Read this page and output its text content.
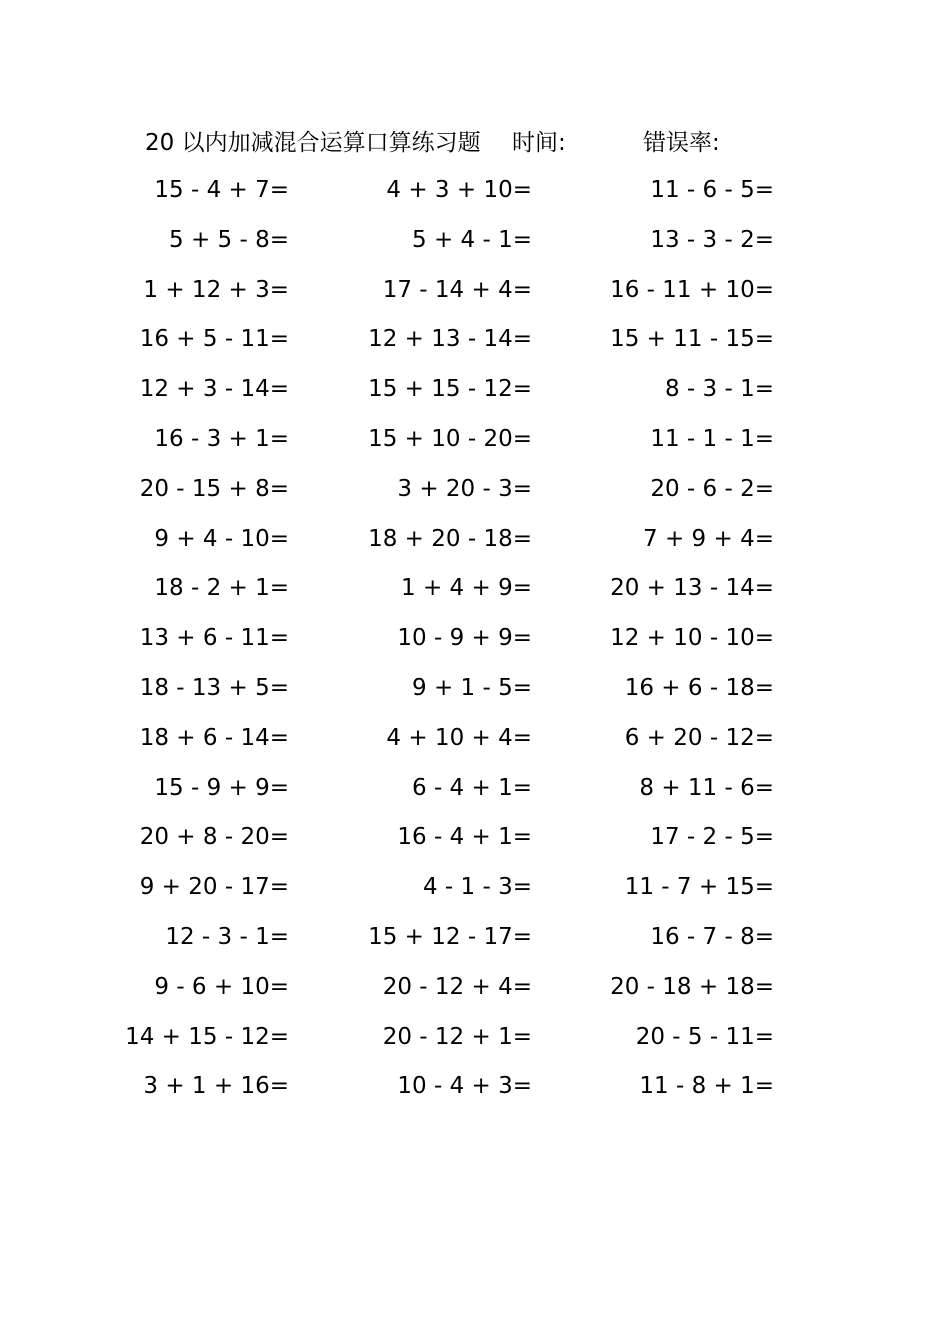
20 以内加减混合运算口算练习题 时间:	错误率:
15 - 4 + 7=	4 + 3 + 10=	11 - 6 - 5=
5 + 5 - 8=	5 + 4 - 1=	13 - 3 - 2=
1 + 12 + 3=	17 - 14 + 4=	16 - 11 + 10=
16 + 5 - 11=	12 + 13 - 14=	15 + 11 - 15=
12 + 3 - 14=	15 + 15 - 12=	8 - 3 - 1=
16 - 3 + 1=	15 + 10 - 20=	11 - 1 - 1=
20 - 15 + 8=	3 + 20 - 3=	20 - 6 - 2=
9 + 4 - 10=	18 + 20 - 18=	7 + 9 + 4=
18 - 2 + 1=	1 + 4 + 9=	20 + 13 - 14=
13 + 6 - 11=	10 - 9 + 9=	12 + 10 - 10=
18 - 13 + 5=	9 + 1 - 5=	16 + 6 - 18=
18 + 6 - 14=	4 + 10 + 4=	6 + 20 - 12=
15 - 9 + 9=	6 - 4 + 1=	8 + 11 - 6=
20 + 8 - 20=	16 - 4 + 1=	17 - 2 - 5=
9 + 20 - 17=	4 - 1 - 3=	11 - 7 + 15=
12 - 3 - 1=	15 + 12 - 17=	16 - 7 - 8=
9 - 6 + 10=	20 - 12 + 4=	20 - 18 + 18=
14 + 15 - 12=	20 - 12 + 1=	20 - 5 - 11=
3 + 1 + 16=	10 - 4 + 3=	11 - 8 + 1=
